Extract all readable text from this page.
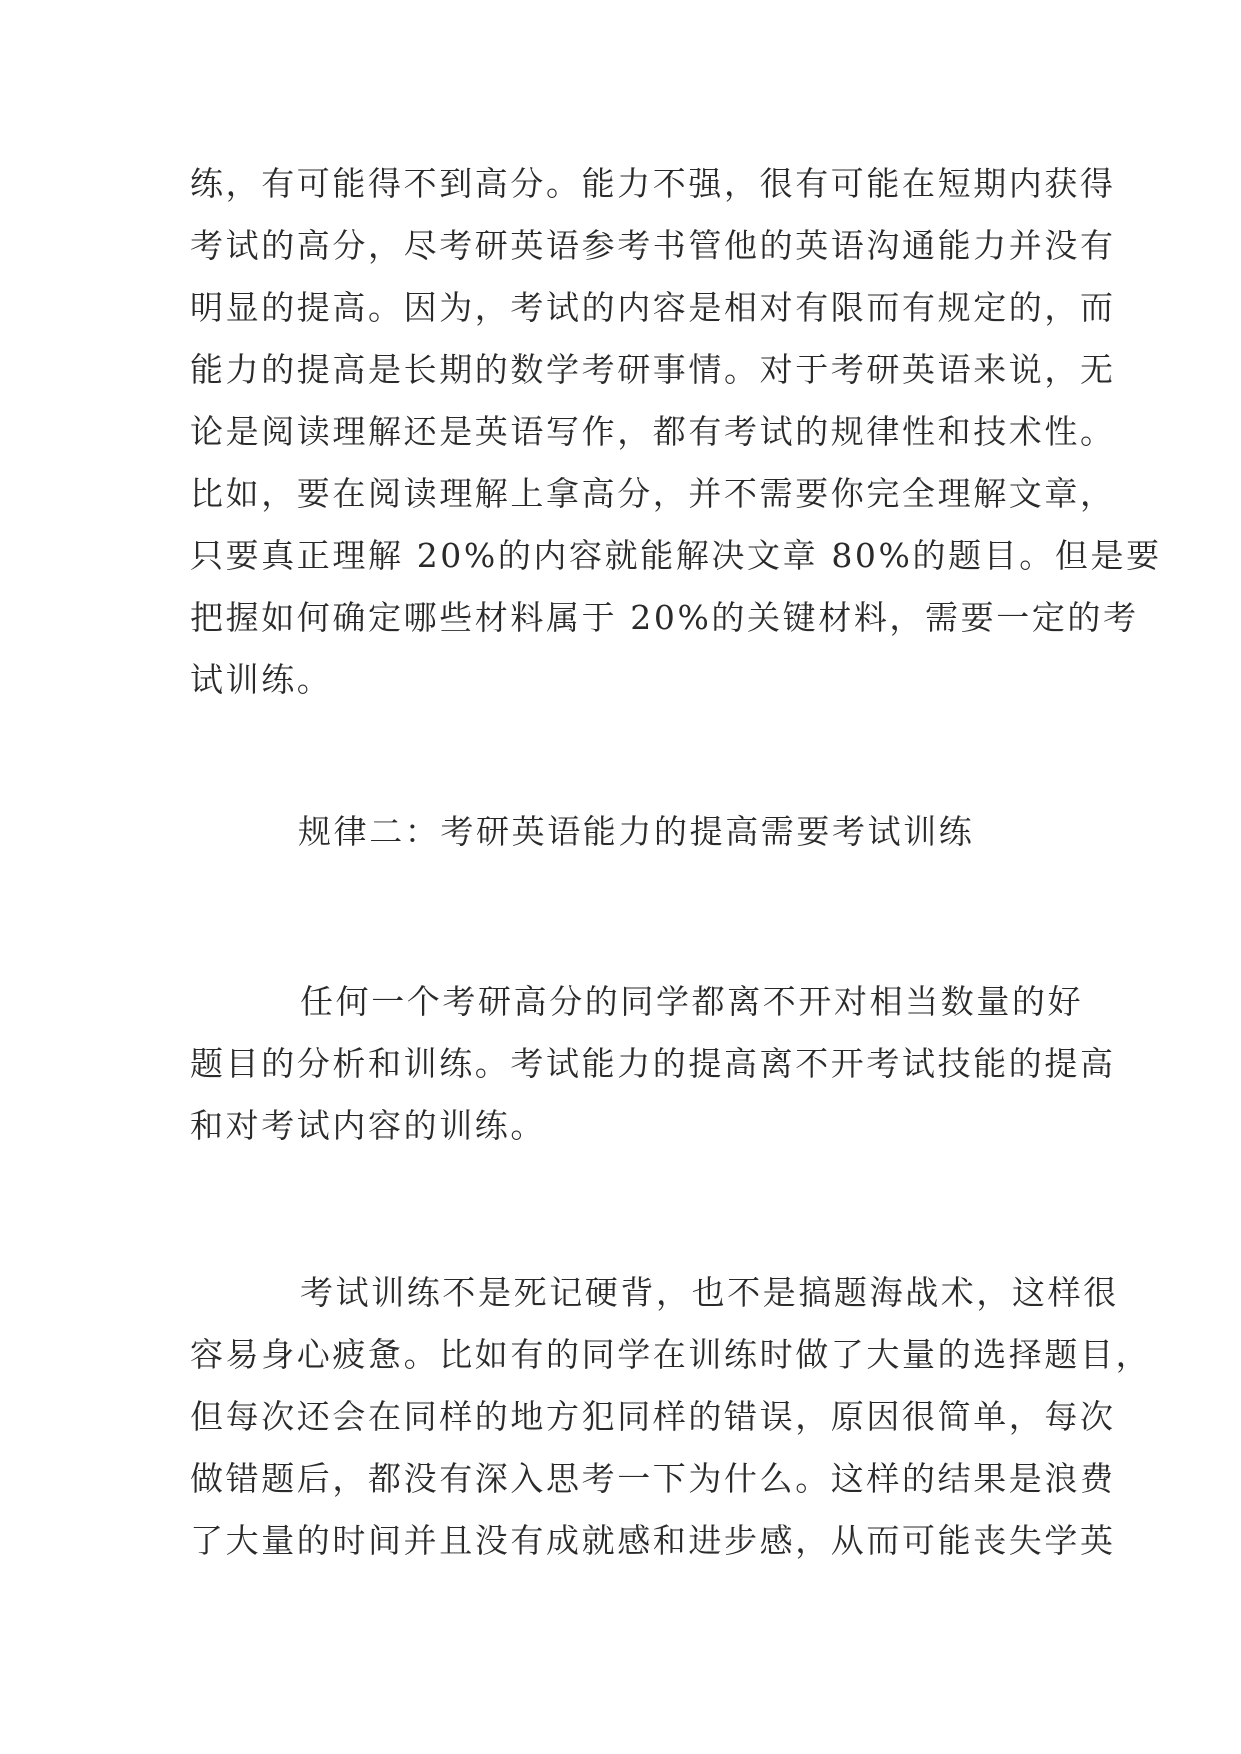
练，有可能得不到高分。能力不强，很有可能在短期内获得
考试的高分，尽考研英语参考书管他的英语沟通能力并没有
明显的提高。因为，考试的内容是相对有限而有规定的，而
能力的提高是长期的数学考研事情。对于考研英语来说，无
论是阅读理解还是英语写作，都有考试的规律性和技术性。
比如，要在阅读理解上拿高分，并不需要你完全理解文章，
只要真正理解 20%的内容就能解决文章 80%的题目。但是要
把握如何确定哪些材料属于 20%的关键材料，需要一定的考
试训练。
规律二：考研英语能力的提高需要考试训练
任何一个考研高分的同学都离不开对相当数量的好
题目的分析和训练。考试能力的提高离不开考试技能的提高
和对考试内容的训练。
考试训练不是死记硬背，也不是搞题海战术，这样很
容易身心疲惫。比如有的同学在训练时做了大量的选择题目，
但每次还会在同样的地方犯同样的错误，原因很简单，每次
做错题后，都没有深入思考一下为什么。这样的结果是浪费
了大量的时间并且没有成就感和进步感，从而可能丧失学英
